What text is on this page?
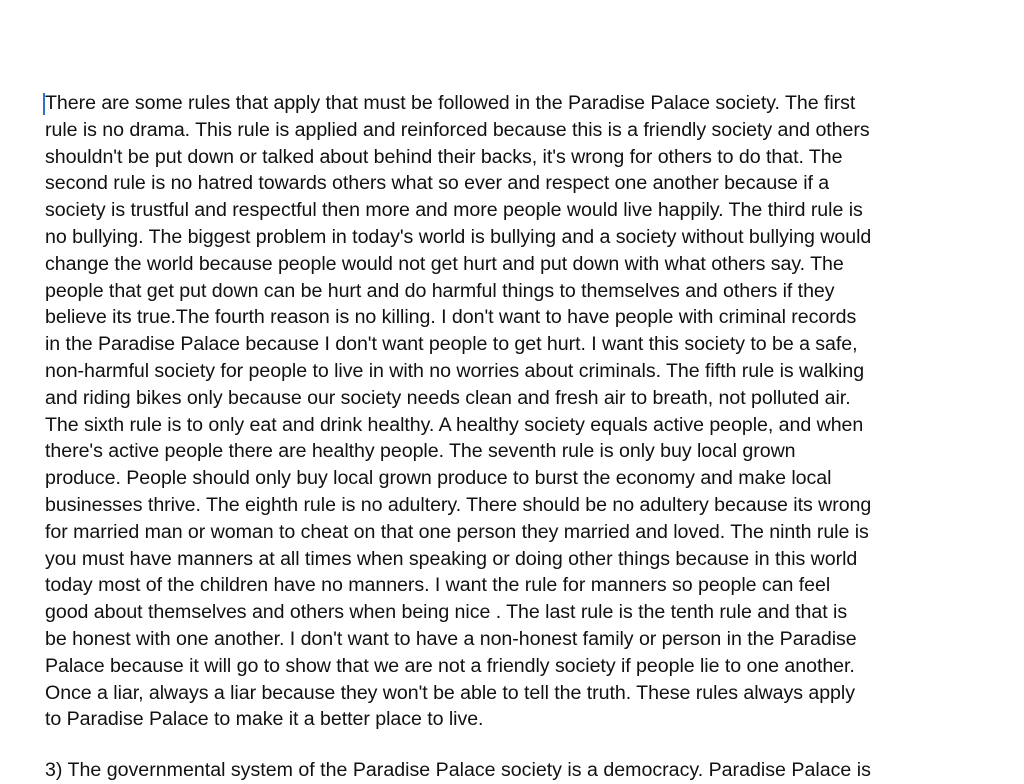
There are some rules that apply that must be followed in the Paradise Palace society. The first
rule is no drama. This rule is applied and reinforced because this is a friendly society and others
shouldn't be put down or talked about behind their backs, it's wrong for others to do that. The
second rule is no hatred towards others what so ever and respect one another because if a
society is trustful and respectful then more and more people would live happily. The third rule is
no bullying. The biggest problem in today's world is bullying and a society without bullying would
change the world because people would not get hurt and put down with what others say. The
people that get put down can be hurt and do harmful things to themselves and others if they
believe its true.The fourth reason is no killing. I don't want to have people with criminal records
in the Paradise Palace because I don't want people to get hurt. I want this society to be a safe,
non-harmful society for people to live in with no worries about criminals. The fifth rule is walking
and riding bikes only because our society needs clean and fresh air to breath, not polluted air.
The sixth rule is to only eat and drink healthy. A healthy society equals active people, and when
there's active people there are healthy people. The seventh rule is only buy local grown
produce. People should only buy local grown produce to burst the economy and make local
businesses thrive. The eighth rule is no adultery. There should be no adultery because its wrong
for married man or woman to cheat on that one person they married and loved. The ninth rule is
you must have manners at all times when speaking or doing other things because in this world
today most of the children have no manners. I want the rule for manners so people can feel
good about themselves and others when being nice . The last rule is the tenth rule and that is
be honest with one another. I don't want to have a non-honest family or person in the Paradise
Palace because it will go to show that we are not a friendly society if people lie to one another.
Once a liar, always a liar because they won't be able to tell the truth. These rules always apply
to Paradise Palace to make it a better place to live.
3) The governmental system of the Paradise Palace society is a democracy. Paradise Palace is
